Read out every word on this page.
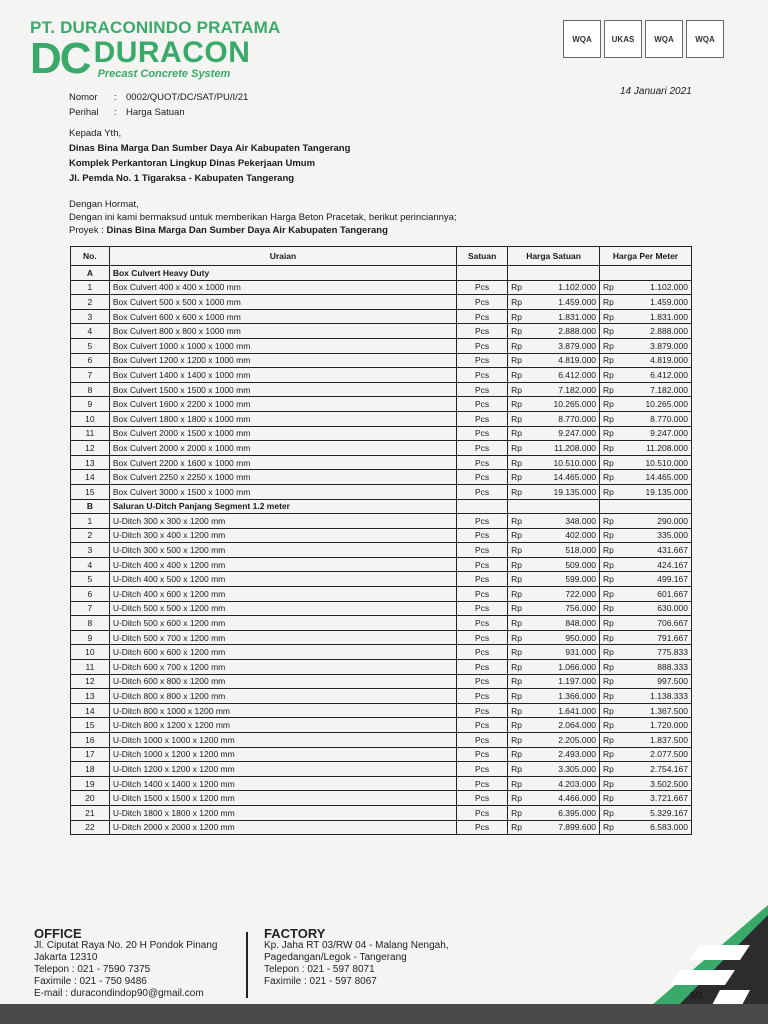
PT. DURACONINDO PRATAMA
DC DURACON
Precast Concrete System
WQA	UKAS	WQA	WQA
14 Januari 2021
Nomor	: 0002/QUOT/DC/SAT/PU/I/21
Perihal	: Harga Satuan
Kepada Yth,
Dinas Bina Marga Dan Sumber Daya Air Kabupaten Tangerang
Komplek Perkantoran Lingkup Dinas Pekerjaan Umum
Jl. Pemda No. 1 Tigaraksa - Kabupaten Tangerang
Dengan Hormat,
Dengan ini kami bermaksud untuk memberikan Harga Beton Pracetak, berikut perinciannya;
Proyek : Dinas Bina Marga Dan Sumber Daya Air Kabupaten Tangerang
No.	Uraian	Satuan	Harga Satuan		Harga Per Meter	
A	Box Culvert Heavy Duty					
1	Box Culvert 400 x 400 x 1000 mm	Pcs	Rp	1.102.000	Rp	1.102.000
2	Box Culvert 500 x 500 x 1000 mm	Pcs	Rp	1.459.000	Rp	1.459.000
3	Box Culvert 600 x 600 x 1000 mm	Pcs	Rp	1.831.000	Rp	1.831.000
4	Box Culvert 800 x 800 x 1000 mm	Pcs	Rp	2.888.000	Rp	2.888.000
5	Box Culvert 1000 x 1000 x 1000 mm	Pcs	Rp	3.879.000	Rp	3.879.000
6	Box Culvert 1200 x 1200 x 1000 mm	Pcs	Rp	4.819.000	Rp	4.819.000
7	Box Culvert 1400 x 1400 x 1000 mm	Pcs	Rp	6.412.000	Rp	6.412.000
8	Box Culvert 1500 x 1500 x 1000 mm	Pcs	Rp	7.182.000	Rp	7.182.000
9	Box Culvert 1600 x 2200 x 1000 mm	Pcs	Rp	10.265.000	Rp	10.265.000
10	Box Culvert 1800 x 1800 x 1000 mm	Pcs	Rp	8.770.000	Rp	8.770.000
11	Box Culvert 2000 x 1500 x 1000 mm	Pcs	Rp	9.247.000	Rp	9.247.000
12	Box Culvert 2000 x 2000 x 1000 mm	Pcs	Rp	11.208.000	Rp	11.208.000
13	Box Culvert 2200 x 1600 x 1000 mm	Pcs	Rp	10.510.000	Rp	10.510.000
14	Box Culvert 2250 x 2250 x 1000 mm	Pcs	Rp	14.465.000	Rp	14.465.000
15	Box Culvert 3000 x 1500 x 1000 mm	Pcs	Rp	19.135.000	Rp	19.135.000
B	Saluran U-Ditch Panjang Segment 1.2 meter					
1	U-Ditch 300 x 300 x 1200 mm	Pcs	Rp	348.000	Rp	290.000
2	U-Ditch 300 x 400 x 1200 mm	Pcs	Rp	402.000	Rp	335.000
3	U-Ditch 300 x 500 x 1200 mm	Pcs	Rp	518.000	Rp	431.667
4	U-Ditch 400 x 400 x 1200 mm	Pcs	Rp	509.000	Rp	424.167
5	U-Ditch 400 x 500 x 1200 mm	Pcs	Rp	599.000	Rp	499.167
6	U-Ditch 400 x 600 x 1200 mm	Pcs	Rp	722.000	Rp	601.667
7	U-Ditch 500 x 500 x 1200 mm	Pcs	Rp	756.000	Rp	630.000
8	U-Ditch 500 x 600 x 1200 mm	Pcs	Rp	848.000	Rp	706.667
9	U-Ditch 500 x 700 x 1200 mm	Pcs	Rp	950.000	Rp	791.667
10	U-Ditch 600 x 600 x 1200 mm	Pcs	Rp	931.000	Rp	775.833
11	U-Ditch 600 x 700 x 1200 mm	Pcs	Rp	1.066.000	Rp	888.333
12	U-Ditch 600 x 800 x 1200 mm	Pcs	Rp	1.197.000	Rp	997.500
13	U-Ditch 800 x 800 x 1200 mm	Pcs	Rp	1.366.000	Rp	1.138.333
14	U-Ditch 800 x 1000 x 1200 mm	Pcs	Rp	1.641.000	Rp	1.367.500
15	U-Ditch 800 x 1200 x 1200 mm	Pcs	Rp	2.064.000	Rp	1.720.000
16	U-Ditch 1000 x 1000 x 1200 mm	Pcs	Rp	2.205.000	Rp	1.837.500
17	U-Ditch 1000 x 1200 x 1200 mm	Pcs	Rp	2.493.000	Rp	2.077.500
18	U-Ditch 1200 x 1200 x 1200 mm	Pcs	Rp	3.305.000	Rp	2.754.167
19	U-Ditch 1400 x 1400 x 1200 mm	Pcs	Rp	4.203.000	Rp	3.502.500
20	U-Ditch 1500 x 1500 x 1200 mm	Pcs	Rp	4.466.000	Rp	3.721.667
21	U-Ditch 1800 x 1800 x 1200 mm	Pcs	Rp	6.395.000	Rp	5.329.167
22	U-Ditch 2000 x 2000 x 1200 mm	Pcs	Rp	7.899.600	Rp	6.583.000
OFFICE
Jl. Ciputat Raya No. 20 H Pondok Pinang
Jakarta 12310
Telepon : 021 - 7590 7375
Faximile : 021 - 750 9486
E-mail : duracondindop90@gmail.com
FACTORY
Kp. Jaha RT 03/RW 04 - Malang Nengah,
Pagedangan/Legok - Tangerang
Telepon : 021 - 597 8071
Faximile : 021 - 597 8067
1/3
